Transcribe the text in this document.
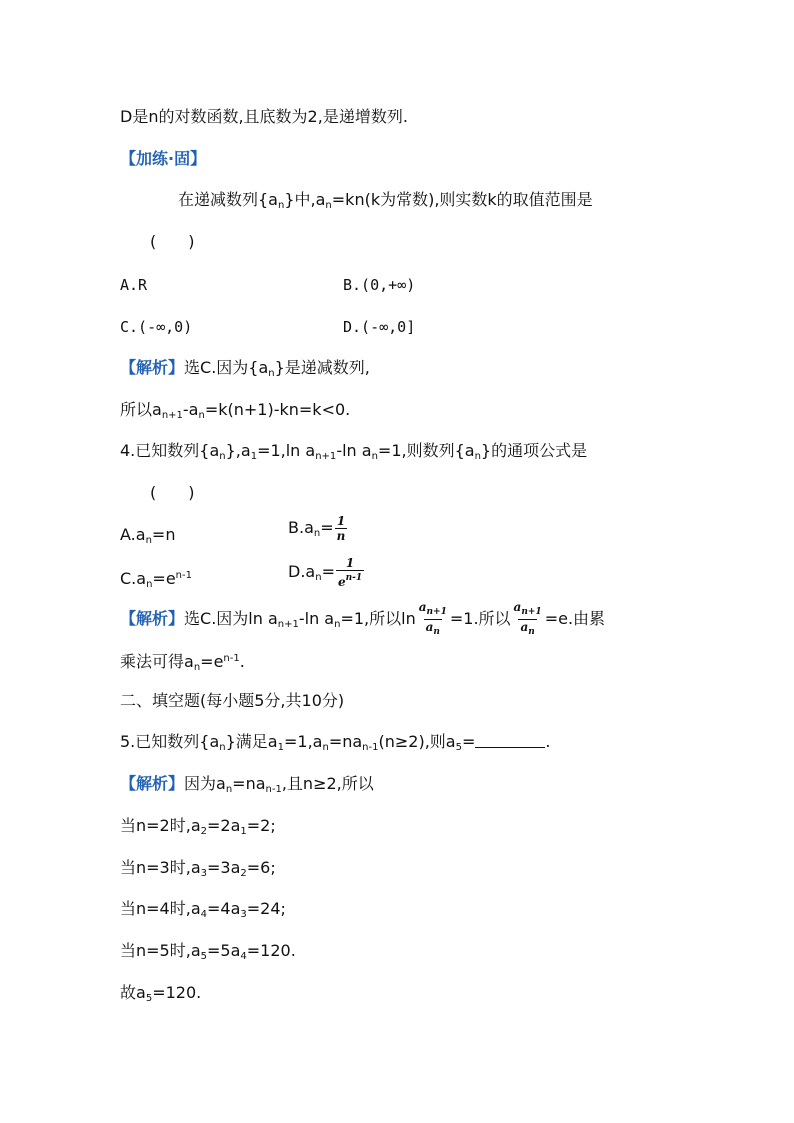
D是n的对数函数,且底数为2,是递增数列.
【加练·固】
在递减数列$\{a_n\}$中$,a_n=kn(k$为常数),则实数k的取值范围是
(　　)
A.R	B.(0,+∞)
C.(-∞,0)	D.(-∞,0]
【解析】选C.因为$\{a_n\}$是递减数列,
所以$a_{n+1}-a_n=k(n+1)-kn=k<0$.
4.已知数列$\{a_n\},a_1=1,\ln$ $a_{n+1}-\ln$ $a_n=1$,则数列$\{a_n\}$的通项公式是
(　　)
$A.a_n=n$	$B.a_n= \frac{1}{n}$
$C.a_n=e^{n-1}$	$D.a_n= \frac{1}{e^{n-1}}$
【解析】选C.因为$\ln a_{n+1}-\ln$ $a_n=1$,所以$\ln \frac{a_{n+1}}{a_n} =1$.所以 $\frac{a_{n+1}}{a_n} =e$.由累
乘法可得$a_n=e^{n-1}$.
二、填空题(每小题5分,共10分)
5.已知数列$\{a_n\}$满足$a_1=1,a_n=na_{n-1}(n\ge 2)$,则$a_5=$	.
【解析】因为$a_n=na_{n-1}$,且n≥2,所以
当n=2时$,a_2=2a_1=2$;
当n=3时$,a_3=3a_2=6$;
当n=4时$,a_4=4a_3=24$;
当n=5时$,a_5=5a_4=120$.
故$a_5=120$.
